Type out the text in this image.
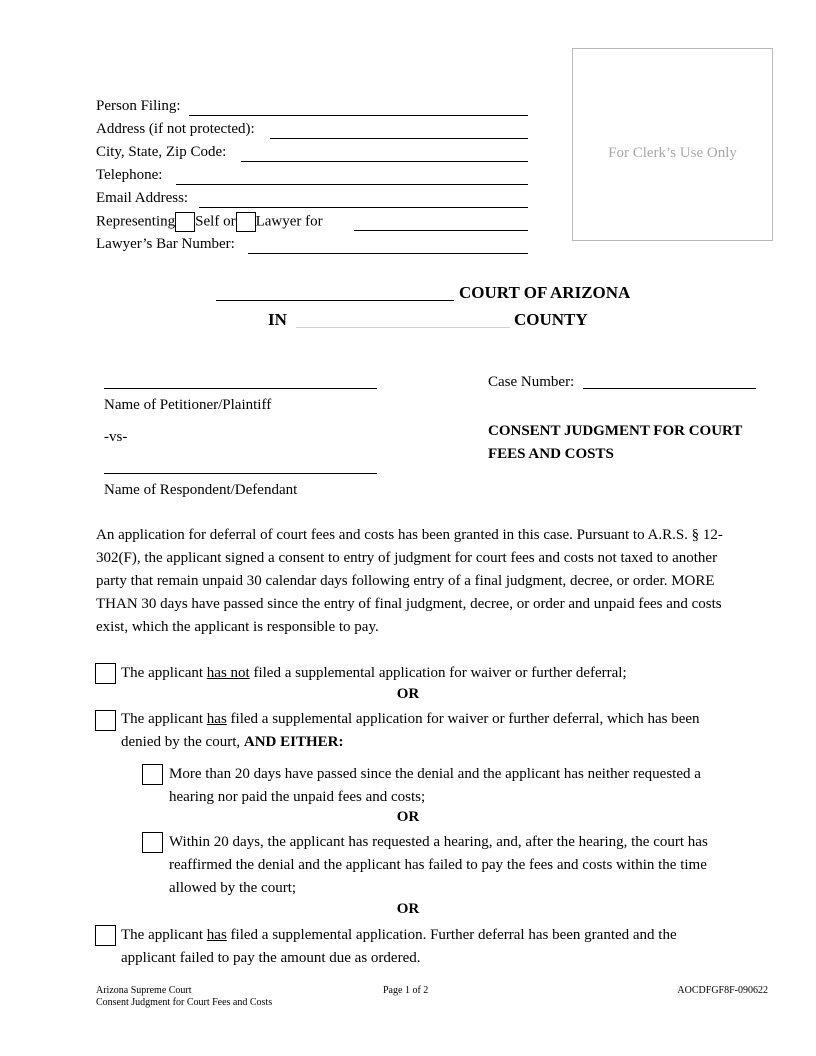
For Clerk’s Use Only
Person Filing:
Address (if not protected):
City, State, Zip Code:
Telephone:
Email Address:
Representing Self or Lawyer for
Lawyer’s Bar Number:
COURT OF ARIZONA
IN	COUNTY
Name of Petitioner/Plaintiff
-vs-
Name of Respondent/Defendant
Case Number:
CONSENT JUDGMENT FOR COURT
FEES AND COSTS
An application for deferral of court fees and costs has been granted in this case. Pursuant to A.R.S. § 12-
302(F), the applicant signed a consent to entry of judgment for court fees and costs not taxed to another
party that remain unpaid 30 calendar days following entry of a final judgment, decree, or order. MORE
THAN 30 days have passed since the entry of final judgment, decree, or order and unpaid fees and costs
exist, which the applicant is responsible to pay.
The applicant has not filed a supplemental application for waiver or further deferral;
OR
The applicant has filed a supplemental application for waiver or further deferral, which has been
denied by the court, AND EITHER:
More than 20 days have passed since the denial and the applicant has neither requested a
hearing nor paid the unpaid fees and costs;
OR
Within 20 days, the applicant has requested a hearing, and, after the hearing, the court has
reaffirmed the denial and the applicant has failed to pay the fees and costs within the time
allowed by the court;
OR
The applicant has filed a supplemental application. Further deferral has been granted and the
applicant failed to pay the amount due as ordered.
Arizona Supreme Court
Consent Judgment for Court Fees and Costs
Page 1 of 2	AOCDFGF8F-090622
